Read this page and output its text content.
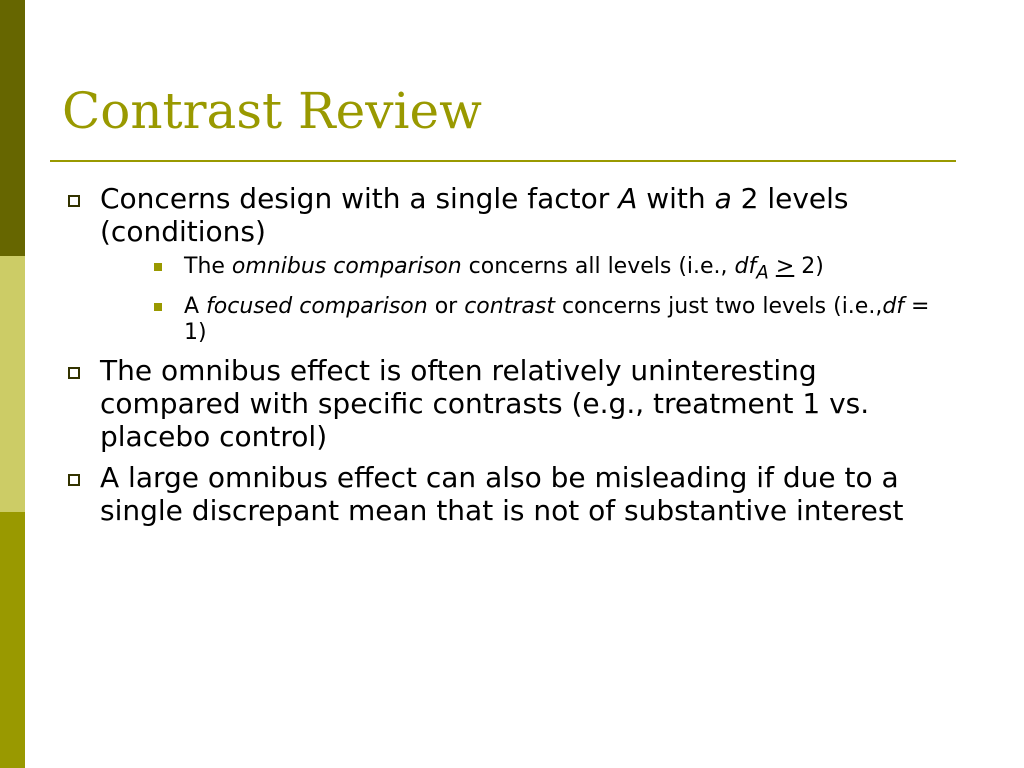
Contrast Review
Concerns design with a single factor A with a 2 levels (conditions)
The omnibus comparison concerns all levels (i.e., $df_A \ge 2$)
A focused comparison or contrast concerns just two levels (i.e.,df = 1)
The omnibus effect is often relatively uninteresting compared with specific contrasts (e.g., treatment 1 vs. placebo control)
A large omnibus effect can also be misleading if due to a single discrepant mean that is not of substantive interest
